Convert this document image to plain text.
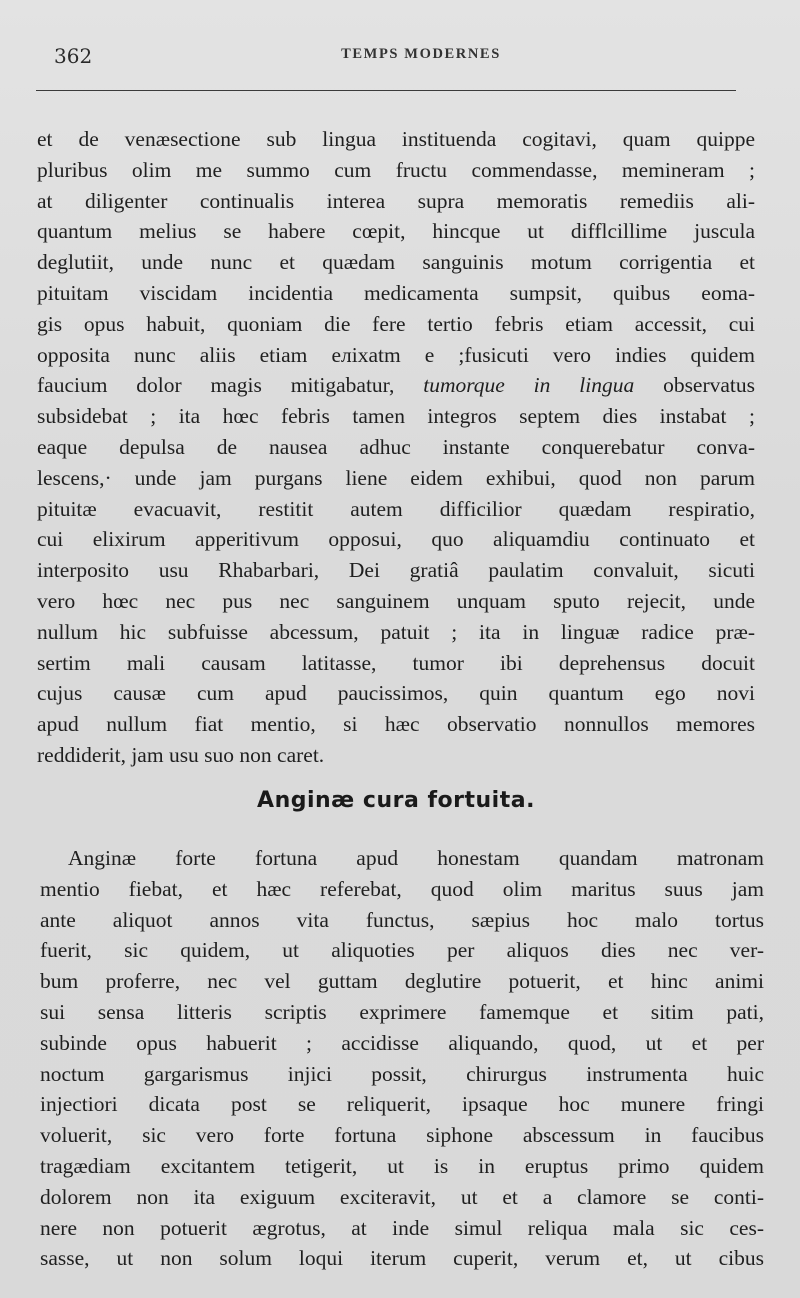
362	TEMPS MODERNES
et de venæsectione sub lingua instituenda cogitavi, quam quippe
pluribus olim me summo cum fructu commendasse, memineram ;
at diligenter continualis interea supra memoratis remediis ali-
quantum melius se habere cœpit, hincque ut difflcillime juscula
deglutiit, unde nunc et quædam sanguinis motum corrigentia et
pituitam viscidam incidentia medicamenta sumpsit, quibus eoma-
gis opus habuit, quoniam die fere tertio febris etiam accessit, cui
opposita nunc aliis etiam eлixatm e ;fusicuti vero indies quidem
faucium dolor magis mitigabatur, tumorque in lingua observatus
subsidebat ; ita hœc febris tamen integros septem dies instabat ;
eaque depulsa de nausea adhuc instante conquerebatur conva-
lescens,· unde jam purgans liene eidem exhibui, quod non parum
pituitæ evacuavit, restitit autem difficilior quædam respiratio,
cui elixirum apperitivum opposui, quo aliquamdiu continuato et
interposito usu Rhabarbari, Dei gratiâ paulatim convaluit, sicuti
vero hœc nec pus nec sanguinem unquam sputo rejecit, unde
nullum hic subfuisse abcessum, patuit ; ita in linguæ radice præ-
sertim mali causam latitasse, tumor ibi deprehensus docuit
cujus causæ cum apud paucissimos, quin quantum ego novi
apud nullum fiat mentio, si hæc observatio nonnullos memores
reddiderit, jam usu suo non caret.
Anginæ cura fortuita.
Anginæ forte fortuna apud honestam quandam matronam
mentio fiebat, et hæc referebat, quod olim maritus suus jam
ante aliquot annos vita functus, sæpius hoc malo tortus
fuerit, sic quidem, ut aliquoties per aliquos dies nec ver-
bum proferre, nec vel guttam deglutire potuerit, et hinc animi
sui sensa litteris scriptis exprimere famemque et sitim pati,
subinde opus habuerit ; accidisse aliquando, quod, ut et per
noctum gargarismus injici possit, chirurgus instrumenta huic
injectiori dicata post se reliquerit, ipsaque hoc munere fringi
voluerit, sic vero forte fortuna siphone abscessum in faucibus
tragædiam excitantem tetigerit, ut is in eruptus primo quidem
dolorem non ita exiguum exciteravit, ut et a clamore se conti-
nere non potuerit ægrotus, at inde simul reliqua mala sic ces-
sasse, ut non solum loqui iterum cuperit, verum et, ut cibus
